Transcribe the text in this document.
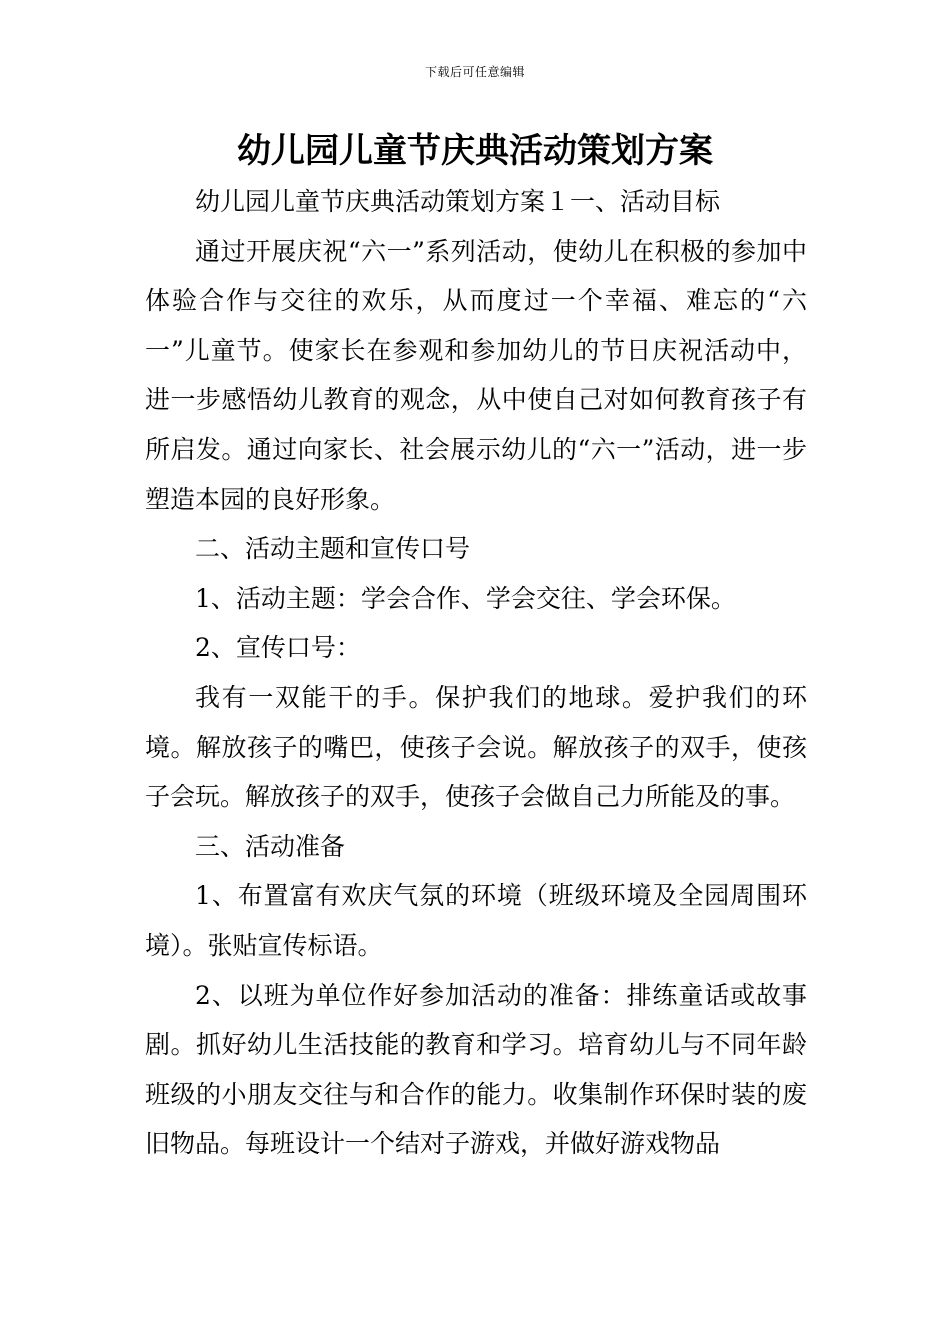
下载后可任意编辑
幼儿园儿童节庆典活动策划方案

幼儿园儿童节庆典活动策划方案１一、活动目标

通过开展庆祝“六一”系列活动，使幼儿在积极的参加中体验合作与交往的欢乐，从而度过一个幸福、难忘的“六一”儿童节。使家长在参观和参加幼儿的节日庆祝活动中，进一步感悟幼儿教育的观念，从中使自己对如何教育孩子有所启发。通过向家长、社会展示幼儿的“六一”活动，进一步塑造本园的良好形象。

二、活动主题和宣传口号

1、活动主题：学会合作、学会交往、学会环保。

2、宣传口号：

我有一双能干的手。保护我们的地球。爱护我们的环境。解放孩子的嘴巴，使孩子会说。解放孩子的双手，使孩子会玩。解放孩子的双手，使孩子会做自己力所能及的事。

三、活动准备

1、布置富有欢庆气氛的环境（班级环境及全园周围环境）。张贴宣传标语。

2、以班为单位作好参加活动的准备：排练童话或故事剧。抓好幼儿生活技能的教育和学习。培育幼儿与不同年龄班级的小朋友交往与和合作的能力。收集制作环保时装的废旧物品。每班设计一个结对子游戏，并做好游戏物品
